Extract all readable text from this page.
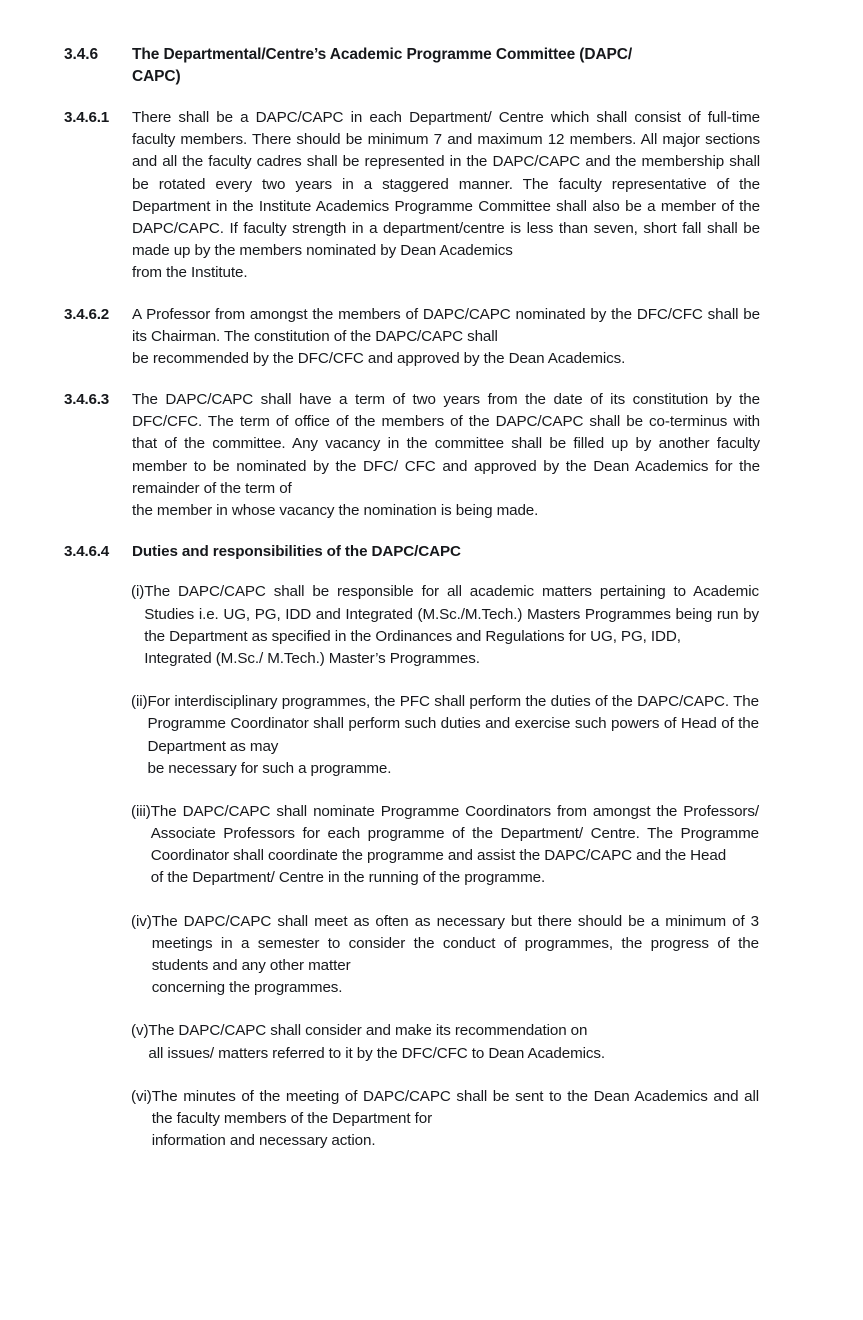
3.4.6	The Departmental/Centre’s Academic Programme Committee (DAPC/
CAPC)
3.4.6.1	There shall be a DAPC/CAPC in each Department/ Centre which shall consist of full-time faculty members. There should be minimum 7 and maximum 12 members. All major sections and all the faculty cadres shall be represented in the DAPC/CAPC and the membership shall be rotated every two years in a staggered manner. The faculty representative of the Department in the Institute Academics Programme Committee shall also be a member of the DAPC/CAPC. If faculty strength in a department/centre is less than seven, short fall shall be made up by the members nominated by Dean Academics
from the Institute.
3.4.6.2	A Professor from amongst the members of DAPC/CAPC nominated by the DFC/CFC shall be its Chairman. The constitution of the DAPC/CAPC shall
be recommended by the DFC/CFC and approved by the Dean Academics.
3.4.6.3	The DAPC/CAPC shall have a term of two years from the date of its constitution by the DFC/CFC. The term of office of the members of the DAPC/CAPC shall be co-terminus with that of the committee. Any vacancy in the committee shall be filled up by another faculty member to be nominated by the DFC/ CFC and approved by the Dean Academics for the remainder of the term of
the member in whose vacancy the nomination is being made.
3.4.6.4	Duties and responsibilities of the DAPC/CAPC
(i) The DAPC/CAPC shall be responsible for all academic matters pertaining to Academic Studies i.e. UG, PG, IDD and Integrated (M.Sc./M.Tech.) Masters Programmes being run by the Department as specified in the Ordinances and Regulations for UG, PG, IDD,
Integrated (M.Sc./ M.Tech.) Master’s Programmes.
(ii) For interdisciplinary programmes, the PFC shall perform the duties of the DAPC/CAPC. The Programme Coordinator shall perform such duties and exercise such powers of Head of the Department as may
be necessary for such a programme.
(iii) The DAPC/CAPC shall nominate Programme Coordinators from amongst the Professors/ Associate Professors for each programme of the Department/ Centre. The Programme Coordinator shall coordinate the programme and assist the DAPC/CAPC and the Head
of the Department/ Centre in the running of the programme.
(iv) The DAPC/CAPC shall meet as often as necessary but there should be a minimum of 3 meetings in a semester to consider the conduct of programmes, the progress of the students and any other matter
concerning the programmes.
(v) The DAPC/CAPC shall consider and make its recommendation on
all issues/ matters referred to it by the DFC/CFC to Dean Academics.
(vi) The minutes of the meeting of DAPC/CAPC shall be sent to the Dean Academics and all the faculty members of the Department for
information and necessary action.
